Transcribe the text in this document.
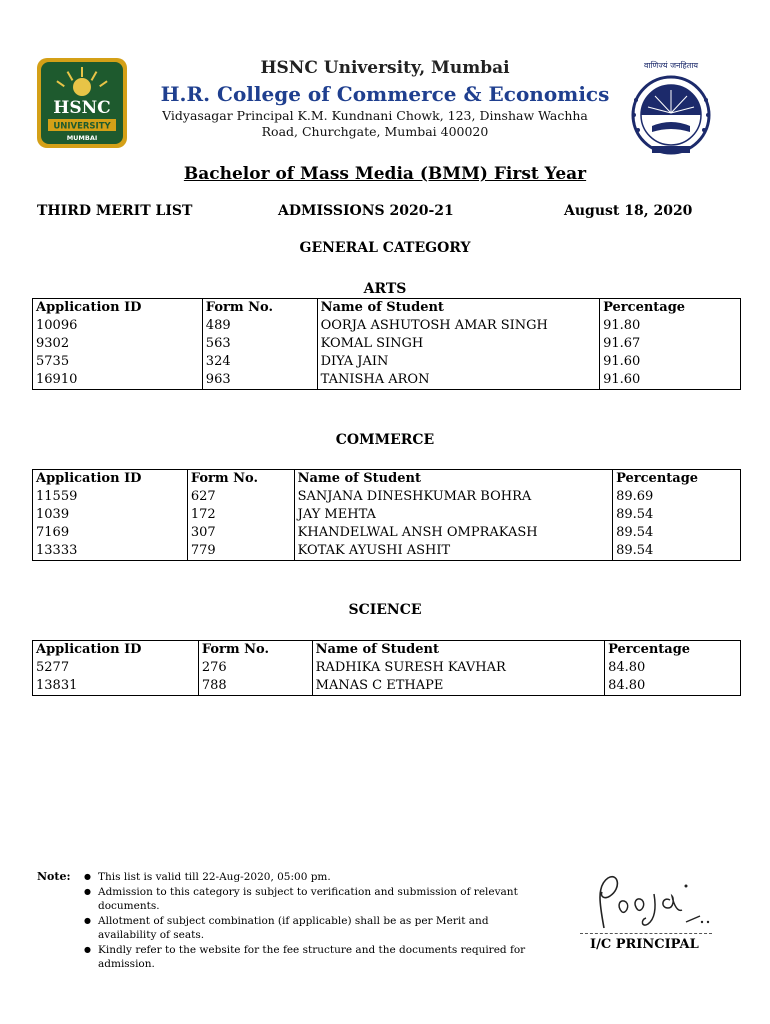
HSNC
UNIVERSITY
MUMBAI
वाणिज्यं जनहिताय
HSNC University, Mumbai
H.R. College of Commerce & Economics
Vidyasagar Principal K.M. Kundnani Chowk, 123, Dinshaw Wachha
Road, Churchgate, Mumbai 400020
Bachelor of Mass Media (BMM) First Year
THIRD MERIT LIST	ADMISSIONS 2020-21	August 18, 2020
GENERAL CATEGORY
ARTS
Application ID	Form No.	Name of Student	Percentage
10096	489	OORJA ASHUTOSH AMAR SINGH	91.80
9302	563	KOMAL SINGH	91.67
5735	324	DIYA JAIN	91.60
16910	963	TANISHA ARON	91.60
COMMERCE
Application ID	Form No.	Name of Student	Percentage
11559	627	SANJANA DINESHKUMAR BOHRA	89.69
1039	172	JAY MEHTA	89.54
7169	307	KHANDELWAL ANSH OMPRAKASH	89.54
13333	779	KOTAK AYUSHI ASHIT	89.54
SCIENCE
Application ID	Form No.	Name of Student	Percentage
5277	276	RADHIKA SURESH KAVHAR	84.80
13831	788	MANAS C ETHAPE	84.80
Note:	● This list is valid till 22-Aug-2020, 05:00 pm.
● Admission to this category is subject to verification and submission of relevant documents.
● Allotment of subject combination (if applicable) shall be as per Merit and availability of seats.
● Kindly refer to the website for the fee structure and the documents required for admission.
I/C PRINCIPAL
